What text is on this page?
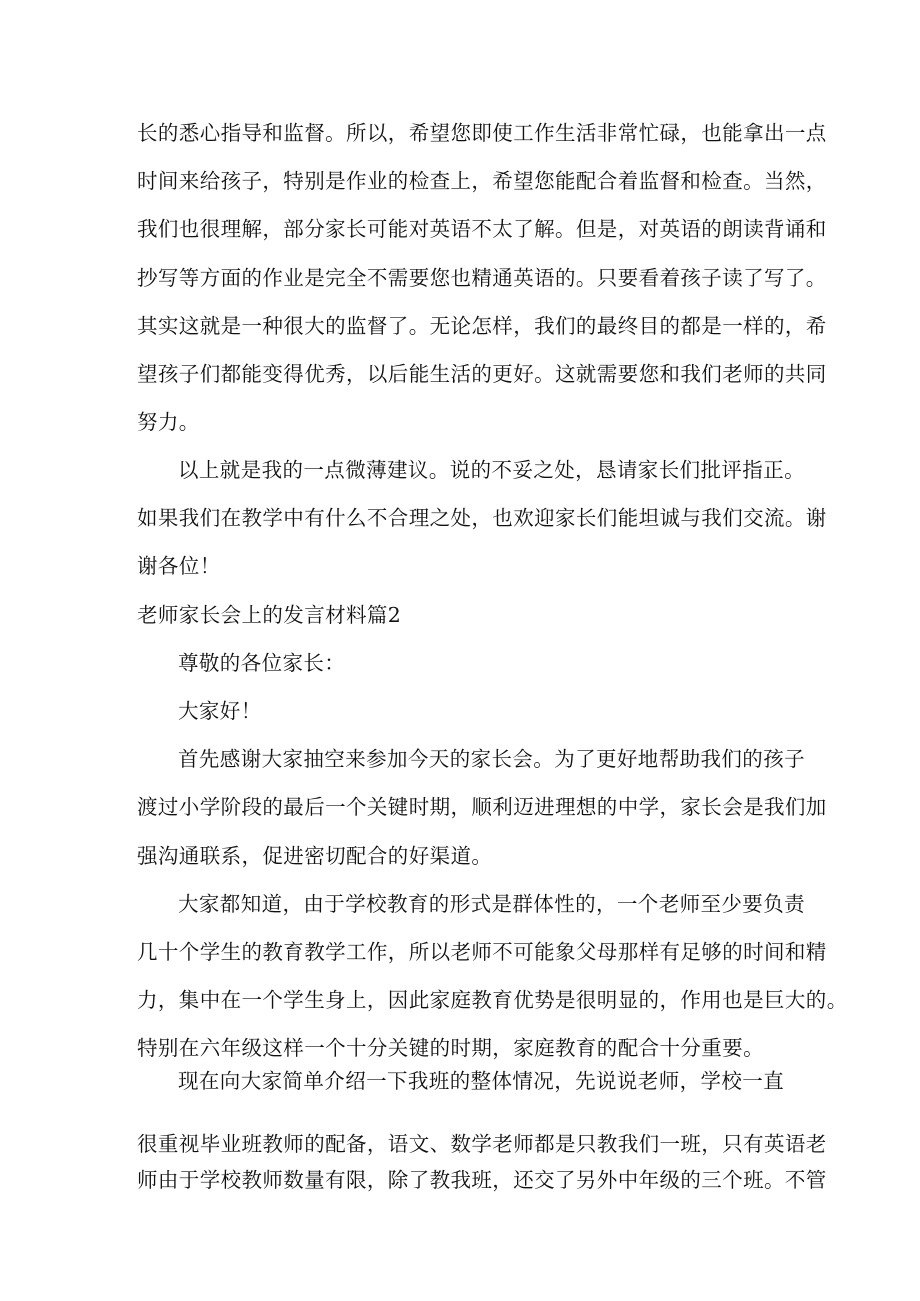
长的悉心指导和监督。所以，希望您即使工作生活非常忙碌，也能拿出一点
时间来给孩子，特别是作业的检查上，希望您能配合着监督和检查。当然，
我们也很理解，部分家长可能对英语不太了解。但是，对英语的朗读背诵和
抄写等方面的作业是完全不需要您也精通英语的。只要看着孩子读了写了。
其实这就是一种很大的监督了。无论怎样，我们的最终目的都是一样的，希
望孩子们都能变得优秀，以后能生活的更好。这就需要您和我们老师的共同
努力。
以上就是我的一点微薄建议。说的不妥之处，恳请家长们批评指正。
如果我们在教学中有什么不合理之处，也欢迎家长们能坦诚与我们交流。谢
谢各位！
老师家长会上的发言材料篇2
尊敬的各位家长：
大家好！
首先感谢大家抽空来参加今天的家长会。为了更好地帮助我们的孩子
渡过小学阶段的最后一个关键时期，顺利迈进理想的中学，家长会是我们加
强沟通联系，促进密切配合的好渠道。
大家都知道，由于学校教育的形式是群体性的，一个老师至少要负责
几十个学生的教育教学工作，所以老师不可能象父母那样有足够的时间和精
力，集中在一个学生身上，因此家庭教育优势是很明显的，作用也是巨大的。
特别在六年级这样一个十分关键的时期，家庭教育的配合十分重要。
现在向大家简单介绍一下我班的整体情况，先说说老师，学校一直
很重视毕业班教师的配备，语文、数学老师都是只教我们一班，只有英语老
师由于学校教师数量有限，除了教我班，还交了另外中年级的三个班。不管
